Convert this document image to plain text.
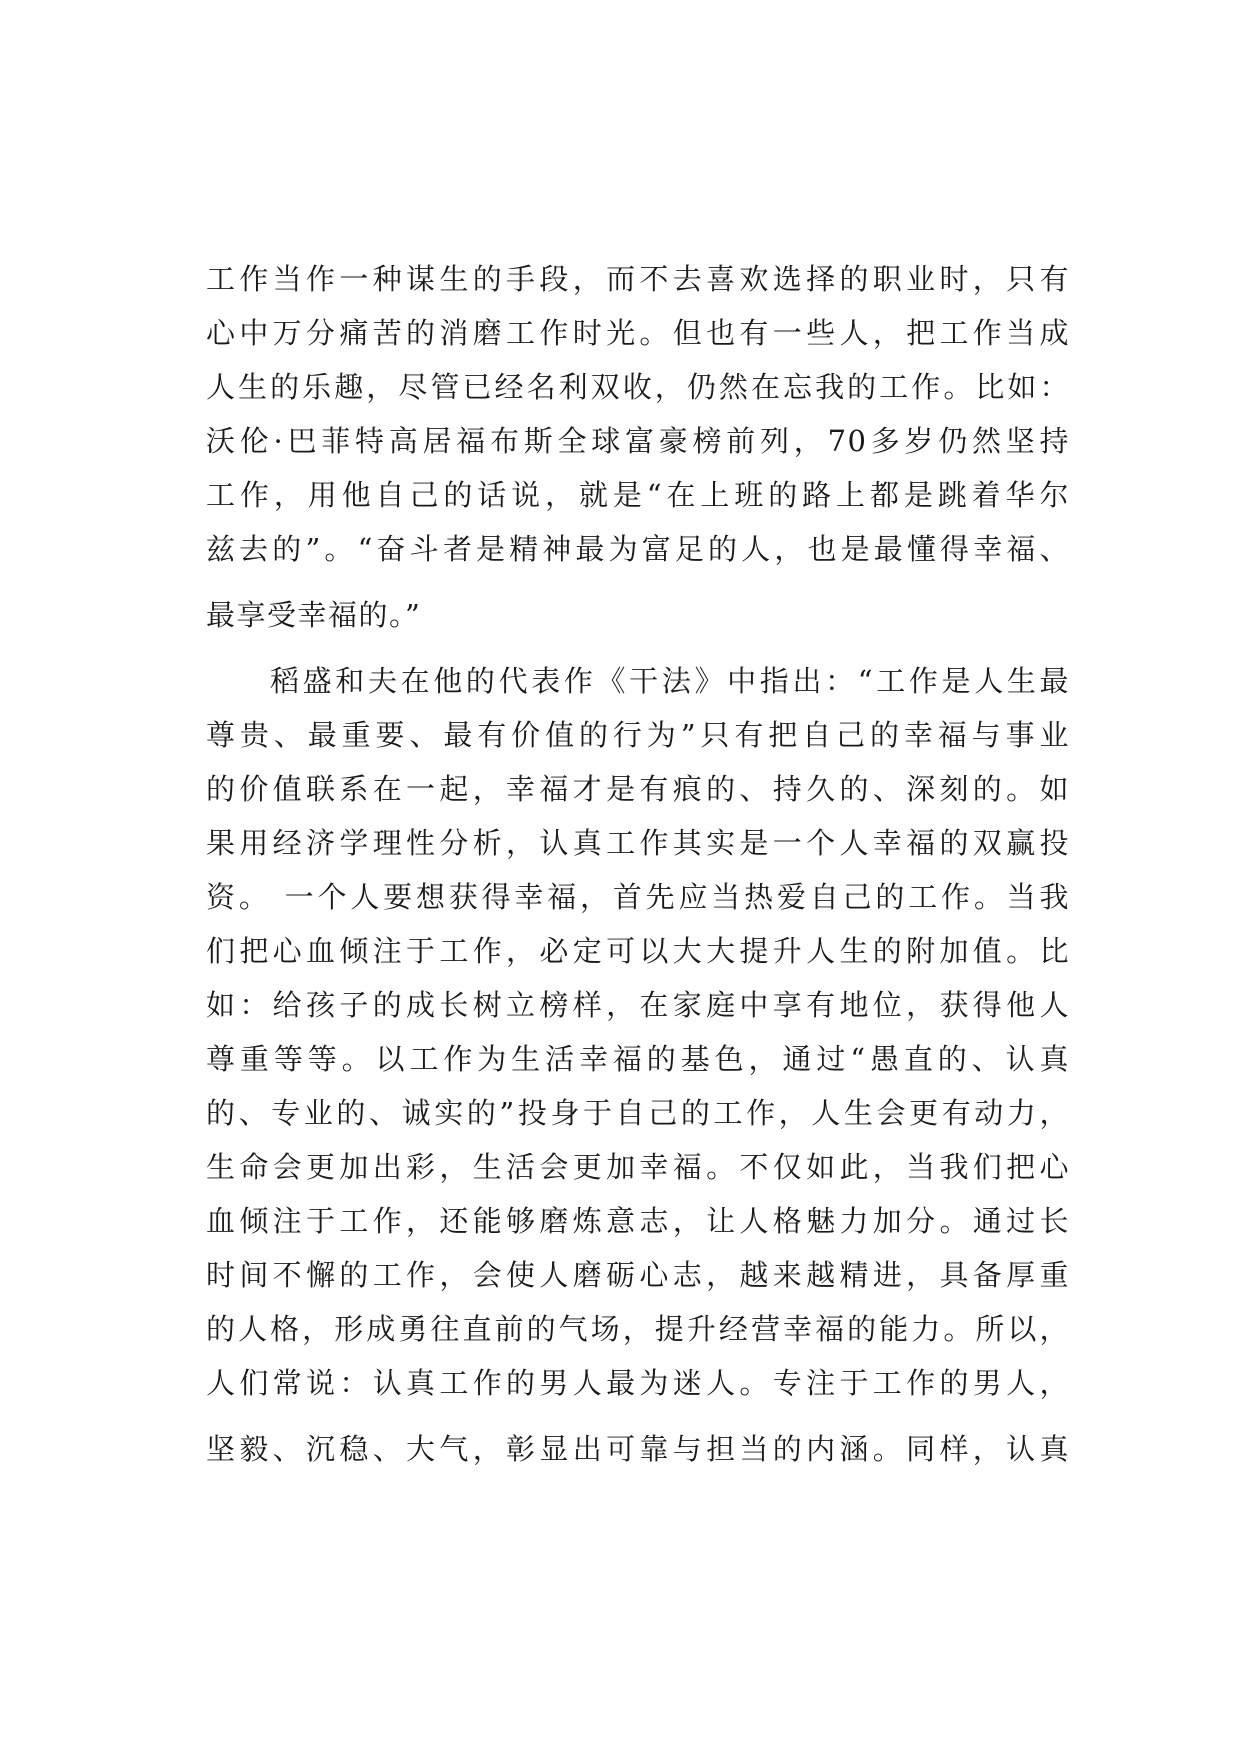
工作当作一种谋生的手段，而不去喜欢选择的职业时，只有
心中万分痛苦的消磨工作时光。但也有一些人，把工作当成
人生的乐趣，尽管已经名利双收，仍然在忘我的工作。比如：
沃伦·巴菲特高居福布斯全球富豪榜前列，70多岁仍然坚持
工作，用他自己的话说，就是“在上班的路上都是跳着华尔
兹去的”。“奋斗者是精神最为富足的人，也是最懂得幸福、
最享受幸福的。”
稻盛和夫在他的代表作《干法》中指出：“工作是人生最
尊贵、最重要、最有价值的行为”只有把自己的幸福与事业
的价值联系在一起，幸福才是有痕的、持久的、深刻的。如
果用经济学理性分析，认真工作其实是一个人幸福的双赢投
资。 一个人要想获得幸福，首先应当热爱自己的工作。当我
们把心血倾注于工作，必定可以大大提升人生的附加值。比
如：给孩子的成长树立榜样，在家庭中享有地位，获得他人
尊重等等。以工作为生活幸福的基色，通过“愚直的、认真
的、专业的、诚实的”投身于自己的工作，人生会更有动力，
生命会更加出彩，生活会更加幸福。不仅如此，当我们把心
血倾注于工作，还能够磨炼意志，让人格魅力加分。通过长
时间不懈的工作，会使人磨砺心志，越来越精进，具备厚重
的人格，形成勇往直前的气场，提升经营幸福的能力。所以，
人们常说：认真工作的男人最为迷人。专注于工作的男人，
坚毅、沉稳、大气，彰显出可靠与担当的内涵。同样，认真
